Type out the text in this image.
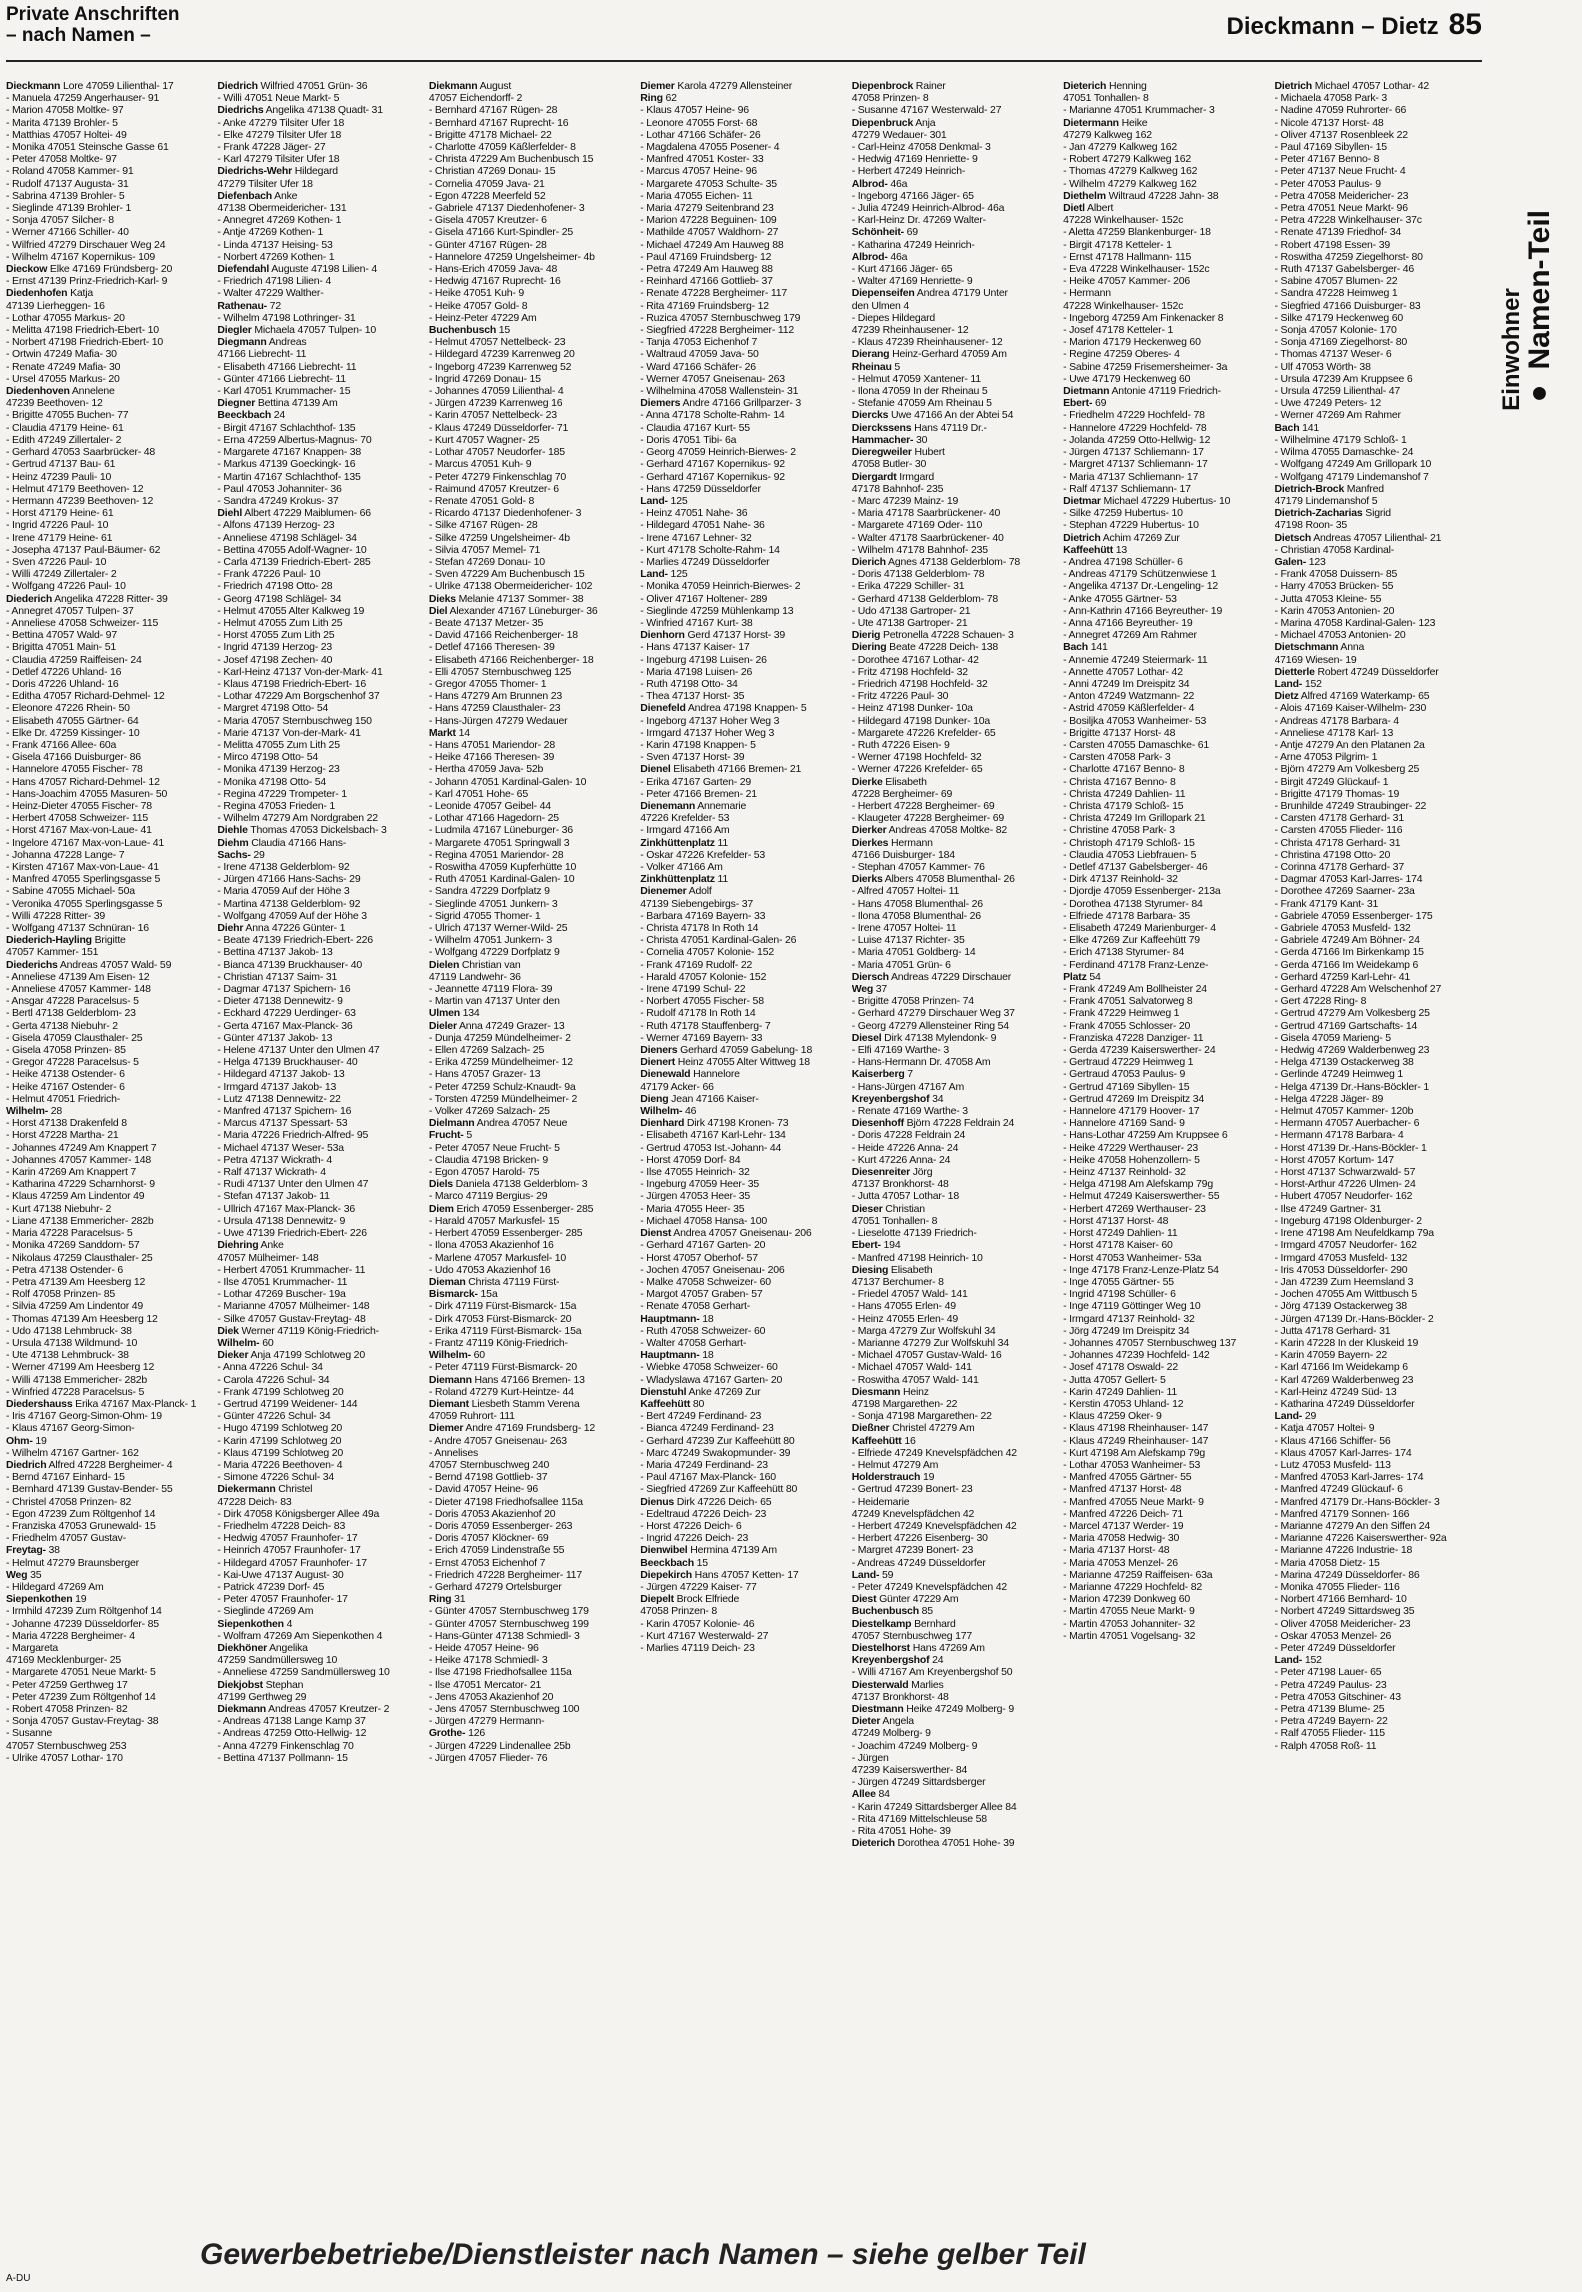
Private Anschriften
– nach Namen –	Dieckmann – Dietz 85
Einwohner
● Namen-Teil
Dieckmann Lore 47059 Lilienthal- 17
- Manuela 47259 Angerhauser- 91
- Marion 47058 Moltke- 97
- Marita 47139 Brohler- 5
- Matthias 47057 Holtei- 49
- Monika 47051 Steinsche Gasse 61
- Peter 47058 Moltke- 97
- Roland 47058 Kammer- 91
- Rudolf 47137 Augusta- 31
- Sabrina 47139 Brohler- 5
- Sieglinde 47139 Brohler- 1
- Sonja 47057 Silcher- 8
- Werner 47166 Schiller- 40
- Wilfried 47279 Dirschauer Weg 24
- Wilhelm 47167 Kopernikus- 109
Dieckow Elke 47169 Fründsberg- 20
- Ernst 47139 Prinz-Friedrich-Karl- 9
Diedenhofen Katja
47139 Lierheggen- 16
- Lothar 47055 Markus- 20
- Melitta 47198 Friedrich-Ebert- 10
- Norbert 47198 Friedrich-Ebert- 10
- Ortwin 47249 Mafia- 30
- Renate 47249 Mafia- 30
- Ursel 47055 Markus- 20
Diedenhoven Annelene
47239 Beethoven- 12
- Brigitte 47055 Buchen- 77
- Claudia 47179 Heine- 61
- Edith 47249 Zillertaler- 2
- Gerhard 47053 Saarbrücker- 48
- Gertrud 47137 Bau- 61
- Heinz 47239 Pauli- 10
- Helmut 47179 Beethoven- 12
- Hermann 47239 Beethoven- 12
- Horst 47179 Heine- 61
- Ingrid 47226 Paul- 10
- Irene 47179 Heine- 61
- Josepha 47137 Paul-Bäumer- 62
- Sven 47226 Paul- 10
- Willi 47249 Zillertaler- 2
- Wolfgang 47226 Paul- 10
Diederich Angelika 47228 Ritter- 39
- Annegret 47057 Tulpen- 37
- Anneliese 47058 Schweizer- 115
- Bettina 47057 Wald- 97
- Brigitta 47051 Main- 51
- Claudia 47259 Raiffeisen- 24
- Detlef 47226 Uhland- 16
- Doris 47226 Uhland- 16
- Editha 47057 Richard-Dehmel- 12
- Eleonore 47226 Rhein- 50
- Elisabeth 47055 Gärtner- 64
- Elke Dr. 47259 Kissinger- 10
- Frank 47166 Allee- 60a
- Gisela 47166 Duisburger- 86
- Hannelore 47055 Fischer- 78
- Hans 47057 Richard-Dehmel- 12
- Hans-Joachim 47055 Masuren- 50
- Heinz-Dieter 47055 Fischer- 78
- Herbert 47058 Schweizer- 115
- Horst 47167 Max-von-Laue- 41
- Ingelore 47167 Max-von-Laue- 41
- Johanna 47228 Lange- 7
- Kirsten 47167 Max-von-Laue- 41
- Manfred 47055 Sperlingsgasse 5
- Sabine 47055 Michael- 50a
- Veronika 47055 Sperlingsgasse 5
- Willi 47228 Ritter- 39
- Wolfgang 47137 Schnüran- 16
Diederich-Hayling Brigitte
47057 Kammer- 151
Diederichs Andreas 47057 Wald- 59
- Anneliese 47139 Am Eisen- 12
- Anneliese 47057 Kammer- 148
- Ansgar 47228 Paracelsus- 5
- Bertl 47138 Gelderblom- 23
- Gerta 47138 Niebuhr- 2
- Gisela 47059 Clausthaler- 25
- Gisela 47058 Prinzen- 85
- Gregor 47228 Paracelsus- 5
- Heike 47138 Ostender- 6
- Heike 47167 Ostender- 6
- Helmut 47051 Friedrich-
Wilhelm- 28
- Horst 47138 Drakenfeld 8
- Horst 47228 Martha- 21
- Johannes 47249 Am Knappert 7
- Johannes 47057 Kammer- 148
- Karin 47269 Am Knappert 7
- Katharina 47229 Scharnhorst- 9
- Klaus 47259 Am Lindentor 49
- Kurt 47138 Niebuhr- 2
- Liane 47138 Emmericher- 282b
- Maria 47228 Paracelsus- 5
- Monika 47269 Sanddorn- 57
- Nikolaus 47259 Clausthaler- 25
- Petra 47138 Ostender- 6
- Petra 47139 Am Heesberg 12
- Rolf 47058 Prinzen- 85
- Silvia 47259 Am Lindentor 49
- Thomas 47139 Am Heesberg 12
- Udo 47138 Lehmbruck- 38
- Ursula 47138 Wildmund- 10
- Ute 47138 Lehmbruck- 38
- Werner 47199 Am Heesberg 12
- Willi 47138 Emmericher- 282b
- Winfried 47228 Paracelsus- 5
Diedershauss Erika 47167 Max-Planck- 1
- Iris 47167 Georg-Simon-Ohm- 19
- Klaus 47167 Georg-Simon-
Ohm- 19
- Wilhelm 47167 Gartner- 162
Diedrich Alfred 47228 Bergheimer- 4
- Bernd 47167 Einhard- 15
- Bernhard 47139 Gustav-Bender- 55
- Christel 47058 Prinzen- 82
- Egon 47239 Zum Röltgenhof 14
- Franziska 47053 Grunewald- 15
- Friedhelm 47057 Gustav-
Freytag- 38
- Helmut 47279 Braunsberger
Weg 35
- Hildegard 47269 Am
Siepenkothen 19
- Irmhild 47239 Zum Röltgenhof 14
- Johanne 47239 Düsseldorfer- 85
- Maria 47228 Bergheimer- 4
- Margareta
47169 Mecklenburger- 25
- Margarete 47051 Neue Markt- 5
- Peter 47259 Gerthweg 17
- Peter 47239 Zum Röltgenhof 14
- Robert 47058 Prinzen- 82
- Sonja 47057 Gustav-Freytag- 38
- Susanne
47057 Sternbuschweg 253
- Ulrike 47057 Lothar- 170
Diedrich Wilfried 47051 Grün- 36
- Willi 47051 Neue Markt- 5
Diedrichs Angelika 47138 Quadt- 31
- Anke 47279 Tilsiter Ufer 18
- Elke 47279 Tilsiter Ufer 18
- Frank 47228 Jäger- 27
- Karl 47279 Tilsiter Ufer 18
Diedrichs-Wehr Hildegard
47279 Tilsiter Ufer 18
Diefenbach Anke
47138 Obermeidericher- 131
- Annegret 47269 Kothen- 1
- Antje 47269 Kothen- 1
- Linda 47137 Heising- 53
- Norbert 47269 Kothen- 1
Diefendahl Auguste 47198 Lilien- 4
- Friedrich 47198 Lilien- 4
- Walter 47229 Walther-
Rathenau- 72
- Wilhelm 47198 Lothringer- 31
Diegler Michaela 47057 Tulpen- 10
Diegmann Andreas
47166 Liebrecht- 11
- Elisabeth 47166 Liebrecht- 11
- Günter 47166 Liebrecht- 11
- Karl 47051 Krummacher- 15
Diegner Bettina 47139 Am
Beeckbach 24
- Birgit 47167 Schlachthof- 135
- Erna 47259 Albertus-Magnus- 70
- Margarete 47167 Knappen- 38
- Markus 47139 Goeckingk- 16
- Martin 47167 Schlachthof- 135
- Paul 47053 Johanniter- 36
- Sandra 47249 Krokus- 37
Diehl Albert 47229 Maiblumen- 66
- Alfons 47139 Herzog- 23
- Anneliese 47198 Schlägel- 34
- Bettina 47055 Adolf-Wagner- 10
- Carla 47139 Friedrich-Ebert- 285
- Frank 47226 Paul- 10
- Friedrich 47198 Otto- 28
- Georg 47198 Schlägel- 34
- Helmut 47055 Alter Kalkweg 19
- Helmut 47055 Zum Lith 25
- Horst 47055 Zum Lith 25
- Ingrid 47139 Herzog- 23
- Josef 47198 Zechen- 40
- Karl-Heinz 47137 Von-der-Mark- 41
- Klaus 47198 Friedrich-Ebert- 16
- Lothar 47229 Am Borgschenhof 37
- Margret 47198 Otto- 54
- Maria 47057 Sternbuschweg 150
- Marie 47137 Von-der-Mark- 41
- Melitta 47055 Zum Lith 25
- Mirco 47198 Otto- 54
- Monika 47139 Herzog- 23
- Monika 47198 Otto- 54
- Regina 47229 Trompeter- 1
- Regina 47053 Frieden- 1
- Wilhelm 47279 Am Nordgraben 22
Diehle Thomas 47053 Dickelsbach- 3
Diehm Claudia 47166 Hans-
Sachs- 29
- Irene 47138 Gelderblom- 92
- Jürgen 47166 Hans-Sachs- 29
- Maria 47059 Auf der Höhe 3
- Martina 47138 Gelderblom- 92
- Wolfgang 47059 Auf der Höhe 3
Diehr Anna 47226 Günter- 1
- Beate 47139 Friedrich-Ebert- 226
- Bettina 47137 Jakob- 13
- Bianca 47139 Bruckhauser- 40
- Christian 47137 Saim- 31
- Dagmar 47137 Spichern- 16
- Dieter 47138 Dennewitz- 9
- Eckhard 47229 Uerdinger- 63
- Gerta 47167 Max-Planck- 36
- Günter 47137 Jakob- 13
- Helene 47137 Unter den Ulmen 47
- Helga 47139 Bruckhauser- 40
- Hildegard 47137 Jakob- 13
- Irmgard 47137 Jakob- 13
- Lutz 47138 Dennewitz- 22
- Manfred 47137 Spichern- 16
- Marcus 47137 Spessart- 53
- Maria 47226 Friedrich-Alfred- 95
- Michael 47137 Weser- 53a
- Petra 47137 Wickrath- 4
- Ralf 47137 Wickrath- 4
- Rudi 47137 Unter den Ulmen 47
- Stefan 47137 Jakob- 11
- Ullrich 47167 Max-Planck- 36
- Ursula 47138 Dennewitz- 9
- Uwe 47139 Friedrich-Ebert- 226
Diehring Anke
47057 Mülheimer- 148
- Herbert 47051 Krummacher- 11
- Ilse 47051 Krummacher- 11
- Lothar 47269 Buscher- 19a
- Marianne 47057 Mülheimer- 148
- Silke 47057 Gustav-Freytag- 48
Diek Werner 47119 König-Friedrich-
Wilhelm- 60
Dieker Anja 47199 Schlotweg 20
- Anna 47226 Schul- 34
- Carola 47226 Schul- 34
- Frank 47199 Schlotweg 20
- Gertrud 47199 Weidener- 144
- Günter 47226 Schul- 34
- Hugo 47199 Schlotweg 20
- Karin 47199 Schlotweg 20
- Klaus 47199 Schlotweg 20
- Maria 47226 Beethoven- 4
- Simone 47226 Schul- 34
Diekermann Christel
47228 Deich- 83
- Dirk 47058 Königsberger Allee 49a
- Friedhelm 47228 Deich- 83
- Hedwig 47057 Fraunhofer- 17
- Heinrich 47057 Fraunhofer- 17
- Hildegard 47057 Fraunhofer- 17
- Kai-Uwe 47137 August- 30
- Patrick 47239 Dorf- 45
- Peter 47057 Fraunhofer- 17
- Sieglinde 47269 Am
Siepenkothen 4
- Wolfram 47269 Am Siepenkothen 4
Diekhöner Angelika
47259 Sandmüllersweg 10
- Anneliese 47259 Sandmüllersweg 10
Diekjobst Stephan
47199 Gerthweg 29
Diekmann Andreas 47057 Kreutzer- 2
- Andreas 47138 Lange Kamp 37
- Andreas 47259 Otto-Hellwig- 12
- Anna 47279 Finkenschlag 70
- Bettina 47137 Pollmann- 15
Diekmann August
47057 Eichendorff- 2
- Bernhard 47167 Rügen- 28
- Bernhard 47167 Ruprecht- 16
- Brigitte 47178 Michael- 22
- Charlotte 47059 Käßlerfelder- 8
- Christa 47229 Am Buchenbusch 15
- Christian 47269 Donau- 15
- Cornelia 47059 Java- 21
- Egon 47228 Meerfeld 52
- Gabriele 47137 Diedenhofener- 3
- Gisela 47057 Kreutzer- 6
- Gisela 47166 Kurt-Spindler- 25
- Günter 47167 Rügen- 28
- Hannelore 47259 Ungelsheimer- 4b
- Hans-Erich 47059 Java- 48
- Hedwig 47167 Ruprecht- 16
- Heike 47051 Kuh- 9
- Heike 47057 Gold- 8
- Heinz-Peter 47229 Am
Buchenbusch 15
- Helmut 47057 Nettelbeck- 23
- Hildegard 47239 Karrenweg 20
- Ingeborg 47239 Karrenweg 52
- Ingrid 47269 Donau- 15
- Johannes 47059 Lilienthal- 4
- Jürgen 47239 Karrenweg 16
- Karin 47057 Nettelbeck- 23
- Klaus 47249 Düsseldorfer- 71
- Kurt 47057 Wagner- 25
- Lothar 47057 Neudorfer- 185
- Marcus 47051 Kuh- 9
- Peter 47279 Finkenschlag 70
- Raimund 47057 Kreutzer- 6
- Renate 47051 Gold- 8
- Ricardo 47137 Diedenhofener- 3
- Silke 47167 Rügen- 28
- Silke 47259 Ungelsheimer- 4b
- Silvia 47057 Memel- 71
- Stefan 47269 Donau- 10
- Sven 47229 Am Buchenbusch 15
- Ulrike 47138 Obermeidericher- 102
Dieks Melanie 47137 Sommer- 38
Diel Alexander 47167 Lüneburger- 36
- Beate 47137 Metzer- 35
- David 47166 Reichenberger- 18
- Detlef 47166 Theresen- 39
- Elisabeth 47166 Reichenberger- 18
- Elli 47057 Sternbuschweg 125
- Gregor 47055 Thomer- 1
- Hans 47279 Am Brunnen 23
- Hans 47259 Clausthaler- 23
- Hans-Jürgen 47279 Wedauer
Markt 14
- Hans 47051 Mariendor- 28
- Heike 47166 Theresen- 39
- Hertha 47059 Java- 52b
- Johann 47051 Kardinal-Galen- 10
- Karl 47051 Hohe- 65
- Leonide 47057 Geibel- 44
- Lothar 47166 Hagedorn- 25
- Ludmila 47167 Lüneburger- 36
- Margarete 47051 Springwall 3
- Regina 47051 Mariendor- 28
- Roswitha 47059 Kupferhütte 10
- Ruth 47051 Kardinal-Galen- 10
- Sandra 47229 Dorfplatz 9
- Sieglinde 47051 Junkern- 3
- Sigrid 47055 Thomer- 1
- Ulrich 47137 Werner-Wild- 25
- Wilhelm 47051 Junkern- 3
- Wolfgang 47229 Dorfplatz 9
Dielen Christian van
47119 Landwehr- 36
- Jeannette 47119 Flora- 39
- Martin van 47137 Unter den
Ulmen 134
Dieler Anna 47249 Grazer- 13
- Dunja 47259 Mündelheimer- 2
- Ellen 47269 Salzach- 25
- Erika 47259 Mündelheimer- 12
- Hans 47057 Grazer- 13
- Peter 47259 Schulz-Knaudt- 9a
- Torsten 47259 Mündelheimer- 2
- Volker 47269 Salzach- 25
Dielmann Andrea 47057 Neue
Frucht- 5
- Peter 47057 Neue Frucht- 5
- Claudia 47198 Bricken- 9
- Egon 47057 Harold- 75
Diels Daniela 47138 Gelderblom- 3
- Marco 47119 Bergius- 29
Diem Erich 47059 Essenberger- 285
- Harald 47057 Markusfel- 15
- Herbert 47059 Essenberger- 285
- Ilona 47053 Akazienhof 16
- Marlene 47057 Markusfel- 10
- Udo 47053 Akazienhof 16
Dieman Christa 47119 Fürst-
Bismarck- 15a
- Dirk 47119 Fürst-Bismarck- 15a
- Dirk 47053 Fürst-Bismarck- 20
- Erika 47119 Fürst-Bismarck- 15a
- Frantz 47119 König-Friedrich-
Wilhelm- 60
- Peter 47119 Fürst-Bismarck- 20
Diemann Hans 47166 Bremen- 13
- Roland 47279 Kurt-Heintze- 44
Diemant Liesbeth Stamm Verena
47059 Ruhrort- 111
Diemer Andre 47169 Frundsberg- 12
- Andre 47057 Gneisenau- 263
- Annelises
47057 Sternbuschweg 240
- Bernd 47198 Gottlieb- 37
- David 47057 Heine- 96
- Dieter 47198 Friedhofsallee 115a
- Doris 47053 Akazienhof 20
- Doris 47059 Essenberger- 263
- Doris 47057 Klöckner- 69
- Erich 47059 Lindenstraße 55
- Ernst 47053 Eichenhof 7
- Friedrich 47228 Bergheimer- 117
- Gerhard 47279 Ortelsburger
Ring 31
- Günter 47057 Sternbuschweg 179
- Günter 47057 Sternbuschweg 199
- Hans-Günter 47138 Schmiedl- 3
- Heide 47057 Heine- 96
- Heike 47178 Schmiedl- 3
- Ilse 47198 Friedhofsallee 115a
- Ilse 47051 Mercator- 21
- Jens 47053 Akazienhof 20
- Jens 47057 Sternbuschweg 100
- Jürgen 47279 Hermann-
Grothe- 126
- Jürgen 47229 Lindenallee 25b
- Jürgen 47057 Flieder- 76
Diemer Karola 47279 Allensteiner
Ring 62
- Klaus 47057 Heine- 96
- Leonore 47055 Forst- 68
- Lothar 47166 Schäfer- 26
- Magdalena 47055 Posener- 4
- Manfred 47051 Koster- 33
- Marcus 47057 Heine- 96
- Margarete 47053 Schulte- 35
- Maria 47055 Eichen- 11
- Maria 47279 Seitenbrand 23
- Marion 47228 Beguinen- 109
- Mathilde 47057 Waldhorn- 27
- Michael 47249 Am Hauweg 88
- Paul 47169 Fruindsberg- 12
- Petra 47249 Am Hauweg 88
- Reinhard 47166 Gottlieb- 37
- Renate 47228 Bergheimer- 117
- Rita 47169 Fruindsberg- 12
- Ruzica 47057 Sternbuschweg 179
- Siegfried 47228 Bergheimer- 112
- Tanja 47053 Eichenhof 7
- Waltraud 47059 Java- 50
- Ward 47166 Schäfer- 26
- Werner 47057 Gneisenau- 263
- Wilhelmina 47058 Wallenstein- 31
Diemers Andre 47166 Grillparzer- 3
- Anna 47178 Scholte-Rahm- 14
- Claudia 47167 Kurt- 55
- Doris 47051 Tibi- 6a
- Georg 47059 Heinrich-Bierwes- 2
- Gerhard 47167 Kopernikus- 92
- Gerhard 47167 Kopernikus- 92
- Hans 47259 Düsseldorfer
Land- 125
- Heinz 47051 Nahe- 36
- Hildegard 47051 Nahe- 36
- Irene 47167 Lehner- 32
- Kurt 47178 Scholte-Rahm- 14
- Marlies 47249 Düsseldorfer
Land- 125
- Monika 47059 Heinrich-Bierwes- 2
- Oliver 47167 Holtener- 289
- Sieglinde 47259 Mühlenkamp 13
- Winfried 47167 Kurt- 38
Dienhorn Gerd 47137 Horst- 39
- Hans 47137 Kaiser- 17
- Ingeburg 47198 Luisen- 26
- Maria 47198 Luisen- 26
- Ruth 47198 Otto- 34
- Thea 47137 Horst- 35
Dienefeld Andrea 47198 Knappen- 5
- Ingeborg 47137 Hoher Weg 3
- Irmgard 47137 Hoher Weg 3
- Karin 47198 Knappen- 5
- Sven 47137 Horst- 39
Dienel Elisabeth 47166 Bremen- 21
- Erika 47167 Garten- 29
- Peter 47166 Bremen- 21
Dienemann Annemarie
47226 Krefelder- 53
- Irmgard 47166 Am
Zinkhüttenplatz 11
- Oskar 47226 Krefelder- 53
- Volker 47166 Am
Zinkhüttenplatz 11
Dienemer Adolf
47139 Siebengebirgs- 37
- Barbara 47169 Bayern- 33
- Christa 47178 In Roth 14
- Christa 47051 Kardinal-Galen- 26
- Cornelia 47057 Kolonie- 152
- Frank 47169 Rudolf- 22
- Harald 47057 Kolonie- 152
- Irene 47199 Schul- 22
- Norbert 47055 Fischer- 58
- Rudolf 47178 In Roth 14
- Ruth 47178 Stauffenberg- 7
- Werner 47169 Bayern- 33
Dieners Gerhard 47059 Gabelung- 18
Dienert Heinz 47055 Alter Wittweg 18
Dienewald Hannelore
47179 Acker- 66
Dieng Jean 47166 Kaiser-
Wilhelm- 46
Dienhard Dirk 47198 Kronen- 73
- Elisabeth 47167 Karl-Lehr- 134
- Gertrud 47053 Ist.-Johann- 44
- Horst 47059 Dorf- 84
- Ilse 47055 Heinrich- 32
- Ingeburg 47059 Heer- 35
- Jürgen 47053 Heer- 35
- Maria 47055 Heer- 35
- Michael 47058 Hansa- 100
Dienst Andrea 47057 Gneisenau- 206
- Gerhard 47167 Garten- 20
- Horst 47057 Oberhof- 57
- Jochen 47057 Gneisenau- 206
- Malke 47058 Schweizer- 60
- Margot 47057 Graben- 57
- Renate 47058 Gerhart-
Hauptmann- 18
- Ruth 47058 Schweizer- 60
- Walter 47058 Gerhart-
Hauptmann- 18
- Wiebke 47058 Schweizer- 60
- Wladyslawa 47167 Garten- 20
Dienstuhl Anke 47269 Zur
Kaffeehütt 80
- Bert 47249 Ferdinand- 23
- Bianca 47249 Ferdinand- 23
- Gerhard 47239 Zur Kaffeehütt 80
- Marc 47249 Swakopmunder- 39
- Maria 47249 Ferdinand- 23
- Paul 47167 Max-Planck- 160
- Siegfried 47269 Zur Kaffeehütt 80
Dienus Dirk 47226 Deich- 65
- Edeltraud 47226 Deich- 23
- Horst 47226 Deich- 6
- Ingrid 47226 Deich- 23
Dienwibel Hermina 47139 Am
Beeckbach 15
Diepekirch Hans 47057 Ketten- 17
- Jürgen 47229 Kaiser- 77
Diepelt Brock Elfriede
47058 Prinzen- 8
- Karin 47057 Kolonie- 46
- Kurt 47167 Westerwald- 27
- Marlies 47119 Deich- 23
Diepenbrock Rainer
47058 Prinzen- 8
- Susanne 47167 Westerwald- 27
Diepenbruck Anja
47279 Wedauer- 301
- Carl-Heinz 47058 Denkmal- 3
- Hedwig 47169 Henriette- 9
- Herbert 47249 Heinrich-
Albrod- 46a
- Ingeborg 47166 Jäger- 65
- Julia 47249 Heinrich-Albrod- 46a
- Karl-Heinz Dr. 47269 Walter-
Schönheit- 69
- Katharina 47249 Heinrich-
Albrod- 46a
- Kurt 47166 Jäger- 65
- Walter 47169 Henriette- 9
Diepenseifen Andrea 47179 Unter
den Ulmen 4
- Diepes Hildegard
47239 Rheinhausener- 12
- Klaus 47239 Rheinhausener- 12
Dierang Heinz-Gerhard 47059 Am
Rheinau 5
- Helmut 47059 Xantener- 11
- Ilona 47059 In der Rheinau 5
- Stefanie 47059 Am Rheinau 5
Diercks Uwe 47166 An der Abtei 54
Dierckssens Hans 47119 Dr.-
Hammacher- 30
Dieregweiler Hubert
47058 Butler- 30
Diergardt Irmgard
47178 Bahnhof- 235
- Marc 47239 Mainz- 19
- Maria 47178 Saarbrückener- 40
- Margarete 47169 Oder- 110
- Walter 47178 Saarbrückener- 40
- Wilhelm 47178 Bahnhof- 235
Dierich Agnes 47138 Gelderblom- 78
- Doris 47138 Gelderblom- 78
- Erika 47229 Schiller- 31
- Gerhard 47138 Gelderblom- 78
- Udo 47138 Gartroper- 21
- Ute 47138 Gartroper- 21
Dierig Petronella 47228 Schauen- 3
Diering Beate 47228 Deich- 138
- Dorothee 47167 Lothar- 42
- Fritz 47198 Hochfeld- 32
- Friedrich 47198 Hochfeld- 32
- Fritz 47226 Paul- 30
- Heinz 47198 Dunker- 10a
- Hildegard 47198 Dunker- 10a
- Margarete 47226 Krefelder- 65
- Ruth 47226 Eisen- 9
- Werner 47198 Hochfeld- 32
- Werner 47226 Krefelder- 65
Dierke Elisabeth
47228 Bergheimer- 69
- Herbert 47228 Bergheimer- 69
- Klaugeter 47228 Bergheimer- 69
Dierker Andreas 47058 Moltke- 82
Dierkes Hermann
47166 Duisburger- 184
- Stephan 47057 Kammer- 76
Dierks Albers 47058 Blumenthal- 26
- Alfred 47057 Holtei- 11
- Hans 47058 Blumenthal- 26
- Ilona 47058 Blumenthal- 26
- Irene 47057 Holtei- 11
- Luise 47137 Richter- 35
- Maria 47051 Goldberg- 14
- Maria 47051 Grün- 6
Diersch Andreas 47229 Dirschauer
Weg 37
- Brigitte 47058 Prinzen- 74
- Gerhard 47279 Dirschauer Weg 37
- Georg 47279 Allensteiner Ring 54
Diesel Dirk 47138 Mylendonk- 9
- Elfi 47169 Warthe- 3
- Hans-Hermann Dr. 47058 Am
Kaiserberg 7
- Hans-Jürgen 47167 Am
Kreyenbergshof 34
- Renate 47169 Warthe- 3
Diesenhoff Björn 47228 Feldrain 24
- Doris 47228 Feldrain 24
- Heide 47226 Anna- 24
- Kurt 47226 Anna- 24
Diesenreiter Jörg
47137 Bronkhorst- 48
- Jutta 47057 Lothar- 18
Dieser Christian
47051 Tonhallen- 8
- Lieselotte 47139 Friedrich-
Ebert- 194
- Manfred 47198 Heinrich- 10
Diesing Elisabeth
47137 Berchumer- 8
- Friedel 47057 Wald- 141
- Hans 47055 Erlen- 49
- Heinz 47055 Erlen- 49
- Marga 47279 Zur Wolfskuhl 34
- Marianne 47279 Zur Wolfskuhl 34
- Michael 47057 Gustav-Wald- 16
- Michael 47057 Wald- 141
- Roswitha 47057 Wald- 141
Diesmann Heinz
47198 Margarethen- 22
- Sonja 47198 Margarethen- 22
Dießner Christel 47279 Am
Kaffeehütt 16
- Elfriede 47249 Knevelspfädchen 42
- Helmut 47279 Am
Holderstrauch 19
- Gertrud 47239 Bonert- 23
- Heidemarie
47249 Knevelspfädchen 42
- Herbert 47249 Knevelspfädchen 42
- Herbert 47226 Eisenberg- 30
- Margret 47239 Bonert- 23
- Andreas 47249 Düsseldorfer
Land- 59
- Peter 47249 Knevelspfädchen 42
Diest Günter 47229 Am
Buchenbusch 85
Diestelkamp Bernhard
47057 Sternbuschweg 177
Diestelhorst Hans 47269 Am
Kreyenbergshof 24
- Willi 47167 Am Kreyenbergshof 50
Diesterwald Marlies
47137 Bronkhorst- 48
Diestmann Heike 47249 Molberg- 9
Dieter Angela
47249 Molberg- 9
- Joachim 47249 Molberg- 9
- Jürgen
47239 Kaiserswerther- 84
- Jürgen 47249 Sittardsberger
Allee 84
- Karin 47249 Sittardsberger Allee 84
- Rita 47169 Mittelschleuse 58
- Rita 47051 Hohe- 39
Dieterich Dorothea 47051 Hohe- 39
Dieterich Henning
47051 Tonhallen- 8
- Marianne 47051 Krummacher- 3
Dietermann Heike
47279 Kalkweg 162
- Jan 47279 Kalkweg 162
- Robert 47279 Kalkweg 162
- Thomas 47279 Kalkweg 162
- Wilhelm 47279 Kalkweg 162
Diethelm Wiltraud 47228 Jahn- 38
Dietl Albert
47228 Winkelhauser- 152c
- Aletta 47259 Blankenburger- 18
- Birgit 47178 Ketteler- 1
- Ernst 47178 Hallmann- 115
- Eva 47228 Winkelhauser- 152c
- Heike 47057 Kammer- 206
- Hermann
47228 Winkelhauser- 152c
- Ingeborg 47259 Am Finkenacker 8
- Josef 47178 Ketteler- 1
- Marion 47179 Heckenweg 60
- Regine 47259 Oberes- 4
- Sabine 47259 Frisemersheimer- 3a
- Uwe 47179 Heckenweg 60
Dietmann Antonie 47119 Friedrich-
Ebert- 69
- Friedhelm 47229 Hochfeld- 78
- Hannelore 47229 Hochfeld- 78
- Jolanda 47259 Otto-Hellwig- 12
- Jürgen 47137 Schliemann- 17
- Margret 47137 Schliemann- 17
- Maria 47137 Schliemann- 17
- Ralf 47137 Schliemann- 17
Dietmar Michael 47229 Hubertus- 10
- Silke 47259 Hubertus- 10
- Stephan 47229 Hubertus- 10
Dietrich Achim 47269 Zur
Kaffeehütt 13
- Andrea 47198 Schüller- 6
- Andreas 47179 Schützenwiese 1
- Angelika 47137 Dr.-Lengeling- 12
- Anke 47055 Gärtner- 53
- Ann-Kathrin 47166 Beyreuther- 19
- Anna 47166 Beyreuther- 19
- Annegret 47269 Am Rahmer
Bach 141
- Annemie 47249 Steiermark- 11
- Annette 47057 Lothar- 42
- Anni 47249 Im Dreispitz 34
- Anton 47249 Watzmann- 22
- Astrid 47059 Käßlerfelder- 4
- Bosiljka 47053 Wanheimer- 53
- Brigitte 47137 Horst- 48
- Carsten 47055 Damaschke- 61
- Carsten 47058 Park- 3
- Charlotte 47167 Benno- 8
- Christa 47167 Benno- 8
- Christa 47249 Dahlien- 11
- Christa 47179 Schloß- 15
- Christa 47249 Im Grillopark 21
- Christine 47058 Park- 3
- Christoph 47179 Schloß- 15
- Claudia 47053 Liebfrauen- 5
- Detlef 47137 Gabelsberger- 46
- Dirk 47137 Reinhold- 32
- Djordje 47059 Essenberger- 213a
- Dorothea 47138 Styrumer- 84
- Elfriede 47178 Barbara- 35
- Elisabeth 47249 Marienburger- 4
- Elke 47269 Zur Kaffeehütt 79
- Erich 47138 Styrumer- 84
- Ferdinand 47178 Franz-Lenze-
Platz 54
- Frank 47249 Am Bollheister 24
- Frank 47051 Salvatorweg 8
- Frank 47229 Heimweg 1
- Frank 47055 Schlosser- 20
- Franziska 47228 Danziger- 11
- Gerda 47239 Kaiserswerther- 24
- Gertraud 47229 Heimweg 1
- Gertraud 47053 Paulus- 9
- Gertrud 47169 Sibyllen- 15
- Gertrud 47269 Im Dreispitz 34
- Hannelore 47179 Hoover- 17
- Hannelore 47169 Sand- 9
- Hans-Lothar 47259 Am Kruppsee 6
- Heike 47229 Werthauser- 23
- Heike 47058 Hohenzollern- 5
- Heinz 47137 Reinhold- 32
- Helga 47198 Am Alefskamp 79g
- Helmut 47249 Kaiserswerther- 55
- Herbert 47269 Werthauser- 23
- Horst 47137 Horst- 48
- Horst 47249 Dahlien- 11
- Horst 47178 Kaiser- 60
- Horst 47053 Wanheimer- 53a
- Inge 47178 Franz-Lenze-Platz 54
- Inge 47055 Gärtner- 55
- Ingrid 47198 Schüller- 6
- Inge 47119 Göttinger Weg 10
- Irmgard 47137 Reinhold- 32
- Jörg 47249 Im Dreispitz 34
- Johannes 47057 Sternbuschweg 137
- Johannes 47239 Hochfeld- 142
- Josef 47178 Oswald- 22
- Jutta 47057 Gellert- 5
- Karin 47249 Dahlien- 11
- Kerstin 47053 Uhland- 12
- Klaus 47259 Oker- 9
- Klaus 47198 Rheinhauser- 147
- Klaus 47249 Rheinhauser- 147
- Kurt 47198 Am Alefskamp 79g
- Lothar 47053 Wanheimer- 53
- Manfred 47055 Gärtner- 55
- Manfred 47137 Horst- 48
- Manfred 47055 Neue Markt- 9
- Manfred 47226 Deich- 71
- Marcel 47137 Werder- 19
- Maria 47058 Hedwig- 30
- Maria 47137 Horst- 48
- Maria 47053 Menzel- 26
- Marianne 47259 Raiffeisen- 63a
- Marianne 47229 Hochfeld- 82
- Marion 47239 Donkweg 60
- Martin 47055 Neue Markt- 9
- Martin 47053 Johanniter- 32
- Martin 47051 Vogelsang- 32
Dietrich Michael 47057 Lothar- 42
- Michaela 47058 Park- 3
- Nadine 47059 Ruhrorter- 66
- Nicole 47137 Horst- 48
- Oliver 47137 Rosenbleek 22
- Paul 47169 Sibyllen- 15
- Peter 47167 Benno- 8
- Peter 47137 Neue Frucht- 4
- Peter 47053 Paulus- 9
- Petra 47058 Meidericher- 23
- Petra 47051 Neue Markt- 96
- Petra 47228 Winkelhauser- 37c
- Renate 47139 Friedhof- 34
- Robert 47198 Essen- 39
- Roswitha 47259 Ziegelhorst- 80
- Ruth 47137 Gabelsberger- 46
- Sabine 47057 Blumen- 22
- Sandra 47228 Heimweg 1
- Siegfried 47166 Duisburger- 83
- Silke 47179 Heckenweg 60
- Sonja 47057 Kolonie- 170
- Sonja 47169 Ziegelhorst- 80
- Thomas 47137 Weser- 6
- Ulf 47053 Wörth- 38
- Ursula 47239 Am Kruppsee 6
- Ursula 47259 Lilienthal- 47
- Uwe 47249 Peters- 12
- Werner 47269 Am Rahmer
Bach 141
- Wilhelmine 47179 Schloß- 1
- Wilma 47055 Damaschke- 24
- Wolfgang 47249 Am Grillopark 10
- Wolfgang 47179 Lindemanshof 7
Dietrich-Brock Manfred
47179 Lindemanshof 5
Dietrich-Zacharias Sigrid
47198 Roon- 35
Dietsch Andreas 47057 Lilienthal- 21
- Christian 47058 Kardinal-
Galen- 123
- Frank 47058 Duissern- 85
- Harry 47053 Brücken- 55
- Jutta 47053 Kleine- 55
- Karin 47053 Antonien- 20
- Marina 47058 Kardinal-Galen- 123
- Michael 47053 Antonien- 20
Dietschmann Anna
47169 Wiesen- 19
Dietterle Robert 47249 Düsseldorfer
Land- 152
Dietz Alfred 47169 Waterkamp- 65
- Alois 47169 Kaiser-Wilhelm- 230
- Andreas 47178 Barbara- 4
- Anneliese 47178 Karl- 13
- Antje 47279 An den Platanen 2a
- Arne 47053 Pilgrim- 1
- Björn 47279 Am Volkesberg 25
- Birgit 47249 Glückauf- 1
- Brigitte 47179 Thomas- 19
- Brunhilde 47249 Straubinger- 22
- Carsten 47178 Gerhard- 31
- Carsten 47055 Flieder- 116
- Christa 47178 Gerhard- 31
- Christina 47198 Otto- 20
- Corinna 47178 Gerhard- 37
- Dagmar 47053 Karl-Jarres- 174
- Dorothee 47269 Saarner- 23a
- Frank 47179 Kant- 31
- Gabriele 47059 Essenberger- 175
- Gabriele 47053 Musfeld- 132
- Gabriele 47249 Am Böhner- 24
- Gerda 47166 Im Birkenkamp 15
- Gerda 47166 Im Weidekamp 6
- Gerhard 47259 Karl-Lehr- 41
- Gerhard 47228 Am Welschenhof 27
- Gert 47228 Ring- 8
- Gertrud 47279 Am Volkesberg 25
- Gertrud 47169 Gartschafts- 14
- Gisela 47059 Marieng- 5
- Hedwig 47269 Walderbenweg 23
- Helga 47139 Ostackerweg 38
- Gerlinde 47249 Heimweg 1
- Helga 47139 Dr.-Hans-Böckler- 1
- Helga 47228 Jäger- 89
- Helmut 47057 Kammer- 120b
- Hermann 47057 Auerbacher- 6
- Hermann 47178 Barbara- 4
- Horst 47139 Dr.-Hans-Böckler- 1
- Horst 47057 Kortum- 147
- Horst 47137 Schwarzwald- 57
- Horst-Arthur 47226 Ulmen- 24
- Hubert 47057 Neudorfer- 162
- Ilse 47249 Gartner- 31
- Ingeburg 47198 Oldenburger- 2
- Irene 47198 Am Neufeldkamp 79a
- Irmgard 47057 Neudorfer- 162
- Irmgard 47053 Musfeld- 132
- Iris 47053 Düsseldorfer- 290
- Jan 47239 Zum Heemsland 3
- Jochen 47055 Am Wittbusch 5
- Jörg 47139 Ostackerweg 38
- Jürgen 47139 Dr.-Hans-Böckler- 2
- Jutta 47178 Gerhard- 31
- Karin 47228 In der Kluskeid 19
- Karin 47059 Bayern- 22
- Karl 47166 Im Weidekamp 6
- Karl 47269 Walderbenweg 23
- Karl-Heinz 47249 Süd- 13
- Katharina 47249 Düsseldorfer
Land- 29
- Katja 47057 Holtei- 9
- Klaus 47166 Schiffer- 56
- Klaus 47057 Karl-Jarres- 174
- Lutz 47053 Musfeld- 113
- Manfred 47053 Karl-Jarres- 174
- Manfred 47249 Glückauf- 6
- Manfred 47179 Dr.-Hans-Böckler- 3
- Manfred 47179 Sonnen- 166
- Marianne 47279 An den Siffen 24
- Marianne 47226 Kaiserswerther- 92a
- Marianne 47226 Industrie- 18
- Maria 47058 Dietz- 15
- Marina 47249 Düsseldorfer- 86
- Monika 47055 Flieder- 116
- Norbert 47166 Bernhard- 10
- Norbert 47249 Sittardsweg 35
- Oliver 47058 Meidericher- 23
- Oskar 47053 Menzel- 26
- Peter 47249 Düsseldorfer
Land- 152
- Peter 47198 Lauer- 65
- Petra 47249 Paulus- 23
- Petra 47053 Gitschiner- 43
- Petra 47139 Blume- 25
- Petra 47249 Bayern- 22
- Ralf 47055 Flieder- 115
- Ralph 47058 Roß- 11
Gewerbebetriebe/Dienstleister nach Namen – siehe gelber Teil
A-DU
